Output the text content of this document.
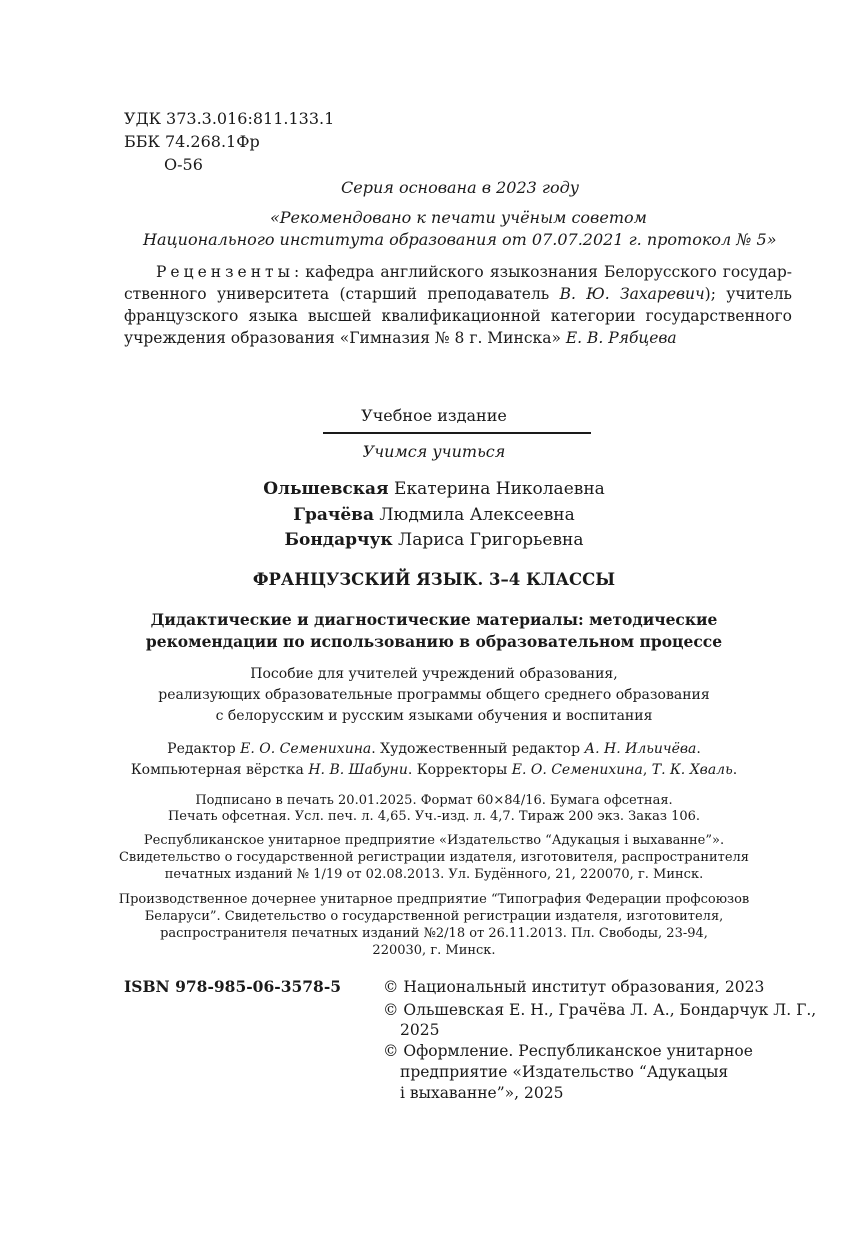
УДК 373.3.016:811.133.1
ББК 74.268.1Фр
О-56
Серия основана в 2023 году
«Рекомендовано к печати учёным советом
Национального института образования от 07.07.2021 г. протокол № 5»
Рецензенты: кафедра английского языкознания Белорусского государ-
ственного университета (старший преподаватель В. Ю. Захаревич); учитель
французского языка высшей квалификационной категории государственного
учреждения образования «Гимназия № 8 г. Минска» Е. В. Рябцева
Учебное издание
Учимся учиться
Ольшевская Екатерина Николаевна
Грачёва Людмила Алексеевна
Бондарчук Лариса Григорьевна
ФРАНЦУЗСКИЙ ЯЗЫК. 3–4 КЛАССЫ
Дидактические и диагностические материалы: методические
рекомендации по использованию в образовательном процессе
Пособие для учителей учреждений образования,
реализующих образовательные программы общего среднего образования
с белорусским и русским языками обучения и воспитания
Редактор Е. О. Семенихина. Художественный редактор А. Н. Ильичёва.
Компьютерная вёрстка Н. В. Шабуни. Корректоры Е. О. Семенихина, Т. К. Хваль.
Подписано в печать 20.01.2025. Формат 60×84/16. Бумага офсетная.
Печать офсетная. Усл. печ. л. 4,65. Уч.-изд. л. 4,7. Тираж 200 экз. Заказ 106.
Республиканское унитарное предприятие «Издательство “Адукацыя і выхаванне”».
Свидетельство о государственной регистрации издателя, изготовителя, распространителя
печатных изданий № 1/19 от 02.08.2013. Ул. Будённого, 21, 220070, г. Минск.
Производственное дочернее унитарное предприятие “Типография Федерации профсоюзов
Беларуси”. Свидетельство о государственной регистрации издателя, изготовителя,
распространителя печатных изданий №2/18 от 26.11.2013. Пл. Свободы, 23-94,
220030, г. Минск.
ISBN 978-985-06-3578-5	© Национальный институт образования, 2023
© Ольшевская Е. Н., Грачёва Л. А., Бондарчук Л. Г.,
2025
© Оформление. Республиканское унитарное
предприятие «Издательство “Адукацыя
і выхаванне”», 2025
